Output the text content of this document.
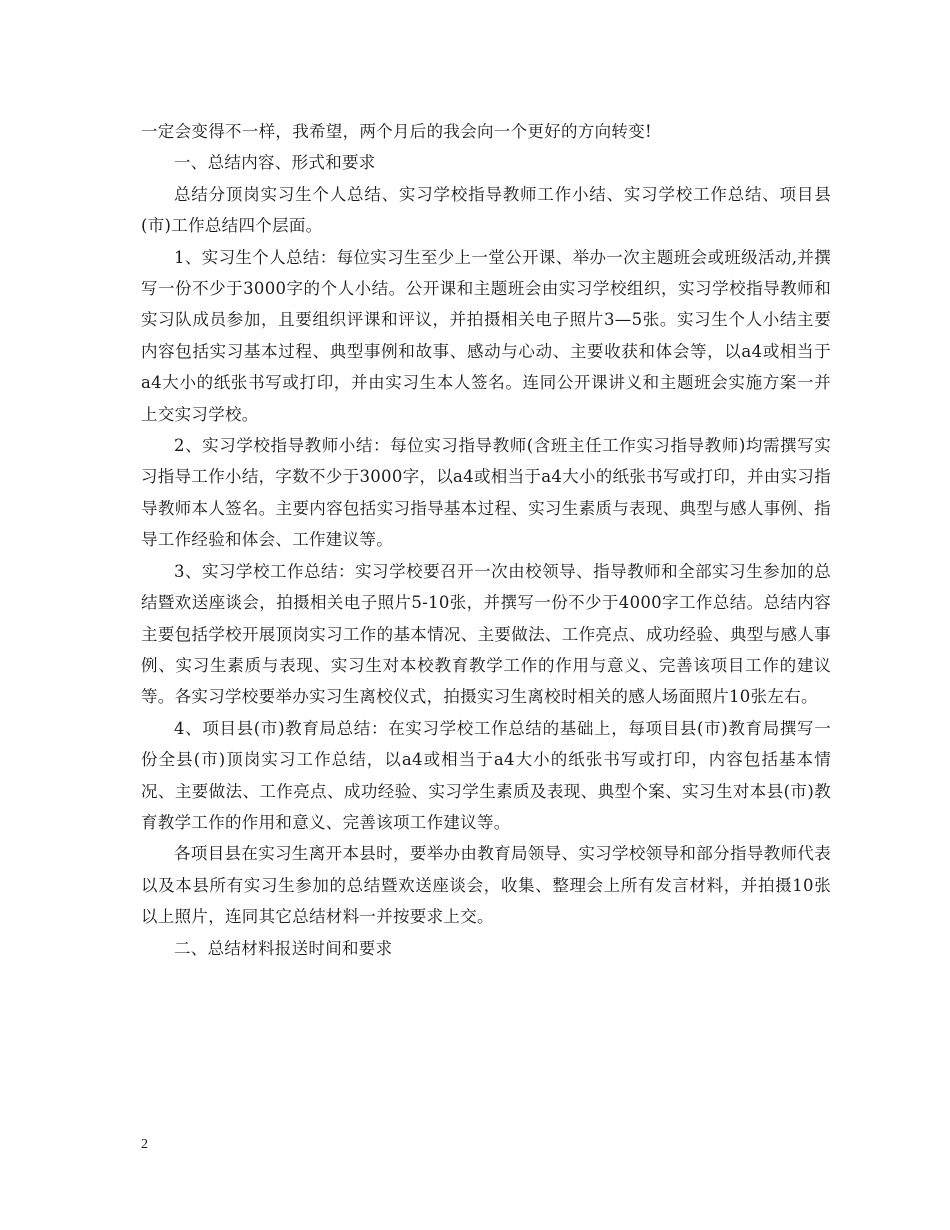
一定会变得不一样，我希望，两个月后的我会向一个更好的方向转变!

一、总结内容、形式和要求

总结分顶岗实习生个人总结、实习学校指导教师工作小结、实习学校工作总结、项目县(市)工作总结四个层面。

1、实习生个人总结：每位实习生至少上一堂公开课、举办一次主题班会或班级活动,并撰写一份不少于3000字的个人小结。公开课和主题班会由实习学校组织，实习学校指导教师和实习队成员参加，且要组织评课和评议，并拍摄相关电子照片3—5张。实习生个人小结主要内容包括实习基本过程、典型事例和故事、感动与心动、主要收获和体会等，以a4或相当于a4大小的纸张书写或打印，并由实习生本人签名。连同公开课讲义和主题班会实施方案一并上交实习学校。

2、实习学校指导教师小结：每位实习指导教师(含班主任工作实习指导教师)均需撰写实习指导工作小结，字数不少于3000字，以a4或相当于a4大小的纸张书写或打印，并由实习指导教师本人签名。主要内容包括实习指导基本过程、实习生素质与表现、典型与感人事例、指导工作经验和体会、工作建议等。

3、实习学校工作总结：实习学校要召开一次由校领导、指导教师和全部实习生参加的总结暨欢送座谈会，拍摄相关电子照片5-10张，并撰写一份不少于4000字工作总结。总结内容主要包括学校开展顶岗实习工作的基本情况、主要做法、工作亮点、成功经验、典型与感人事例、实习生素质与表现、实习生对本校教育教学工作的作用与意义、完善该项目工作的建议等。各实习学校要举办实习生离校仪式，拍摄实习生离校时相关的感人场面照片10张左右。

4、项目县(市)教育局总结：在实习学校工作总结的基础上，每项目县(市)教育局撰写一份全县(市)顶岗实习工作总结，以a4或相当于a4大小的纸张书写或打印，内容包括基本情况、主要做法、工作亮点、成功经验、实习学生素质及表现、典型个案、实习生对本县(市)教育教学工作的作用和意义、完善该项工作建议等。

各项目县在实习生离开本县时，要举办由教育局领导、实习学校领导和部分指导教师代表以及本县所有实习生参加的总结暨欢送座谈会，收集、整理会上所有发言材料，并拍摄10张以上照片，连同其它总结材料一并按要求上交。

二、总结材料报送时间和要求

2
